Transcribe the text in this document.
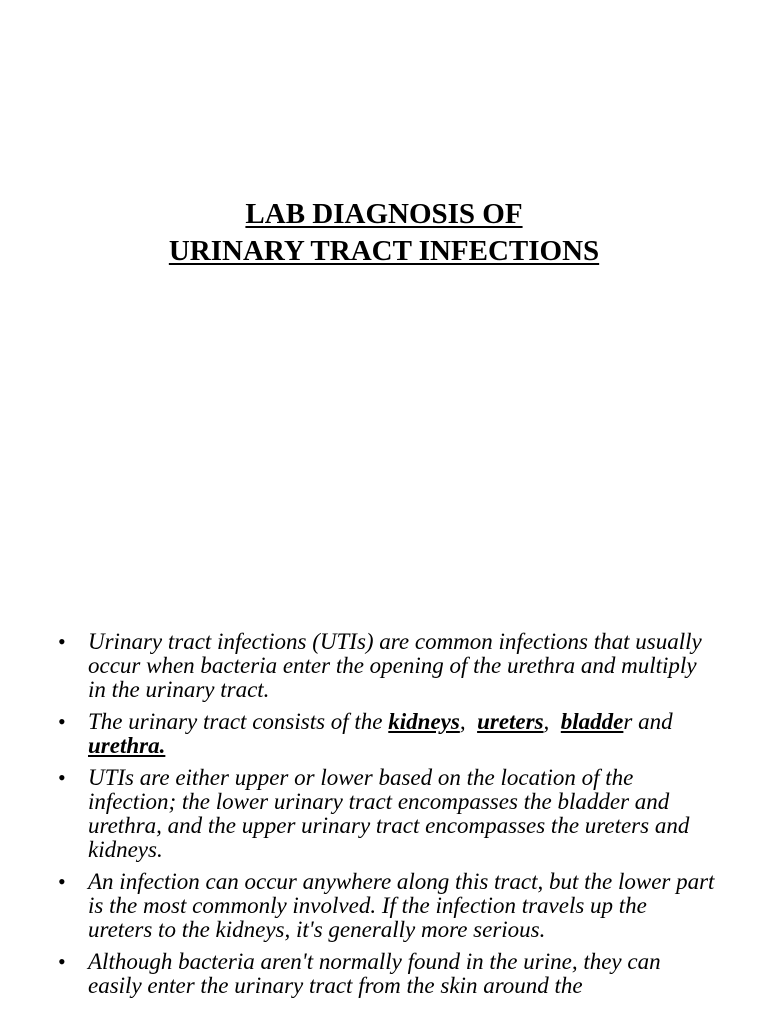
LAB DIAGNOSIS OF
URINARY TRACT INFECTIONS
• Urinary tract infections (UTIs) are common infections that usually occur when bacteria enter the opening of the urethra and multiply in the urinary tract.
• The urinary tract consists of the kidneys,  ureters,  bladder and urethra.
• UTIs are either upper or lower based on the location of the infection; the lower urinary tract encompasses the bladder and urethra, and the upper urinary tract encompasses the ureters and kidneys.
• An infection can occur anywhere along this tract, but the lower part is the most commonly involved. If the infection travels up the ureters to the kidneys, it's generally more serious.
• Although bacteria aren't normally found in the urine, they can easily enter the urinary tract from the skin around the
